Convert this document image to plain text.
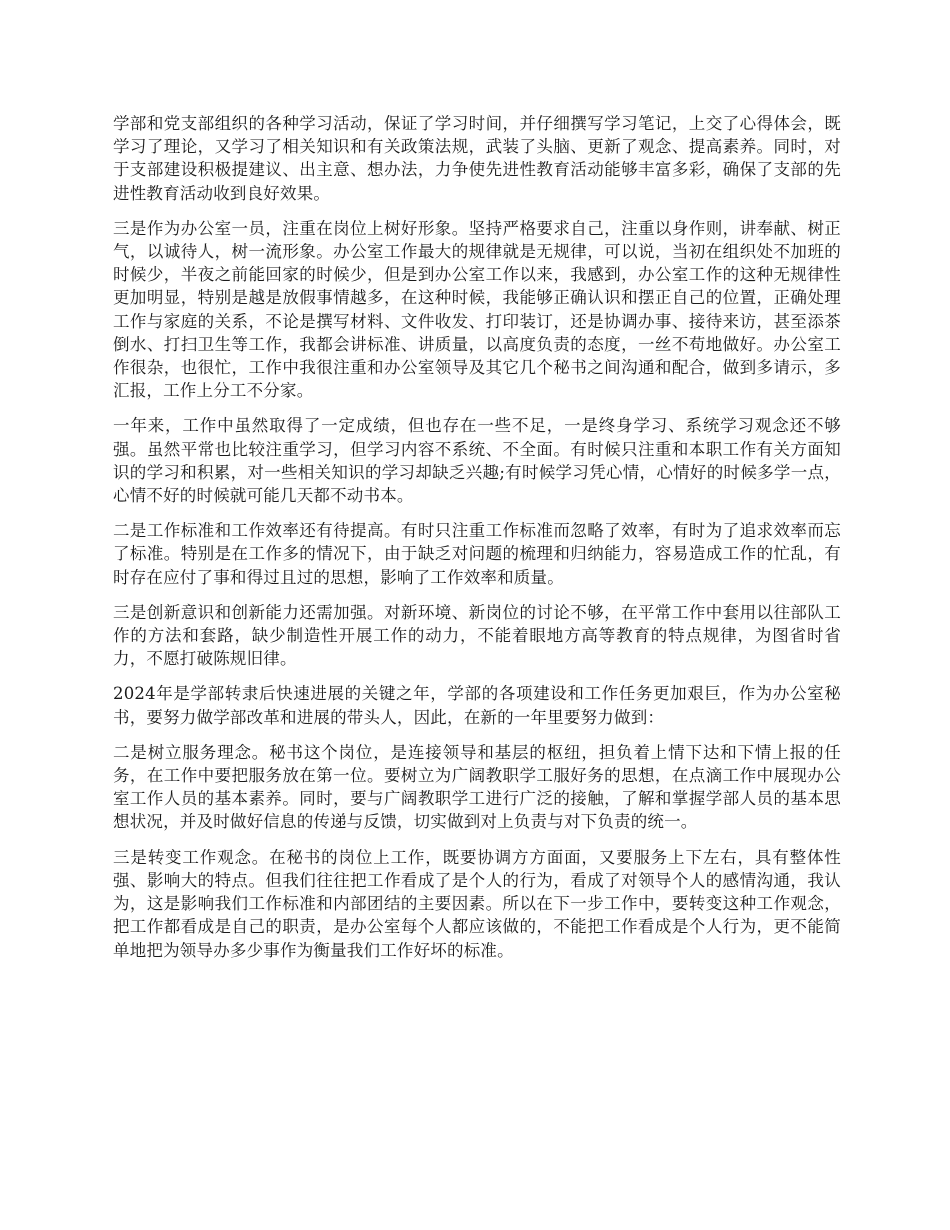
学部和党支部组织的各种学习活动，保证了学习时间，并仔细撰写学习笔记，上交了心得体会，既学习了理论，又学习了相关知识和有关政策法规，武装了头脑、更新了观念、提高素养。同时，对于支部建设积极提建议、出主意、想办法，力争使先进性教育活动能够丰富多彩，确保了支部的先进性教育活动收到良好效果。

三是作为办公室一员，注重在岗位上树好形象。坚持严格要求自己，注重以身作则，讲奉献、树正气，以诚待人，树一流形象。办公室工作最大的规律就是无规律，可以说，当初在组织处不加班的时候少，半夜之前能回家的时候少，但是到办公室工作以来，我感到，办公室工作的这种无规律性更加明显，特别是越是放假事情越多，在这种时候，我能够正确认识和摆正自己的位置，正确处理工作与家庭的关系，不论是撰写材料、文件收发、打印装订，还是协调办事、接待来访，甚至添茶倒水、打扫卫生等工作，我都会讲标准、讲质量，以高度负责的态度，一丝不苟地做好。办公室工作很杂，也很忙，工作中我很注重和办公室领导及其它几个秘书之间沟通和配合，做到多请示，多汇报，工作上分工不分家。

一年来，工作中虽然取得了一定成绩，但也存在一些不足，一是终身学习、系统学习观念还不够强。虽然平常也比较注重学习，但学习内容不系统、不全面。有时候只注重和本职工作有关方面知识的学习和积累，对一些相关知识的学习却缺乏兴趣;有时候学习凭心情，心情好的时候多学一点，心情不好的时候就可能几天都不动书本。

二是工作标准和工作效率还有待提高。有时只注重工作标准而忽略了效率，有时为了追求效率而忘了标准。特别是在工作多的情况下，由于缺乏对问题的梳理和归纳能力，容易造成工作的忙乱，有时存在应付了事和得过且过的思想，影响了工作效率和质量。

三是创新意识和创新能力还需加强。对新环境、新岗位的讨论不够，在平常工作中套用以往部队工作的方法和套路，缺少制造性开展工作的动力，不能着眼地方高等教育的特点规律，为图省时省力，不愿打破陈规旧律。

2024年是学部转隶后快速进展的关键之年，学部的各项建设和工作任务更加艰巨，作为办公室秘书，要努力做学部改革和进展的带头人，因此，在新的一年里要努力做到：

二是树立服务理念。秘书这个岗位，是连接领导和基层的枢纽，担负着上情下达和下情上报的任务，在工作中要把服务放在第一位。要树立为广阔教职学工服好务的思想，在点滴工作中展现办公室工作人员的基本素养。同时，要与广阔教职学工进行广泛的接触，了解和掌握学部人员的基本思想状况，并及时做好信息的传递与反馈，切实做到对上负责与对下负责的统一。

三是转变工作观念。在秘书的岗位上工作，既要协调方方面面，又要服务上下左右，具有整体性强、影响大的特点。但我们往往把工作看成了是个人的行为，看成了对领导个人的感情沟通，我认为，这是影响我们工作标准和内部团结的主要因素。所以在下一步工作中，要转变这种工作观念，把工作都看成是自己的职责，是办公室每个人都应该做的，不能把工作看成是个人行为，更不能简单地把为领导办多少事作为衡量我们工作好坏的标准。
